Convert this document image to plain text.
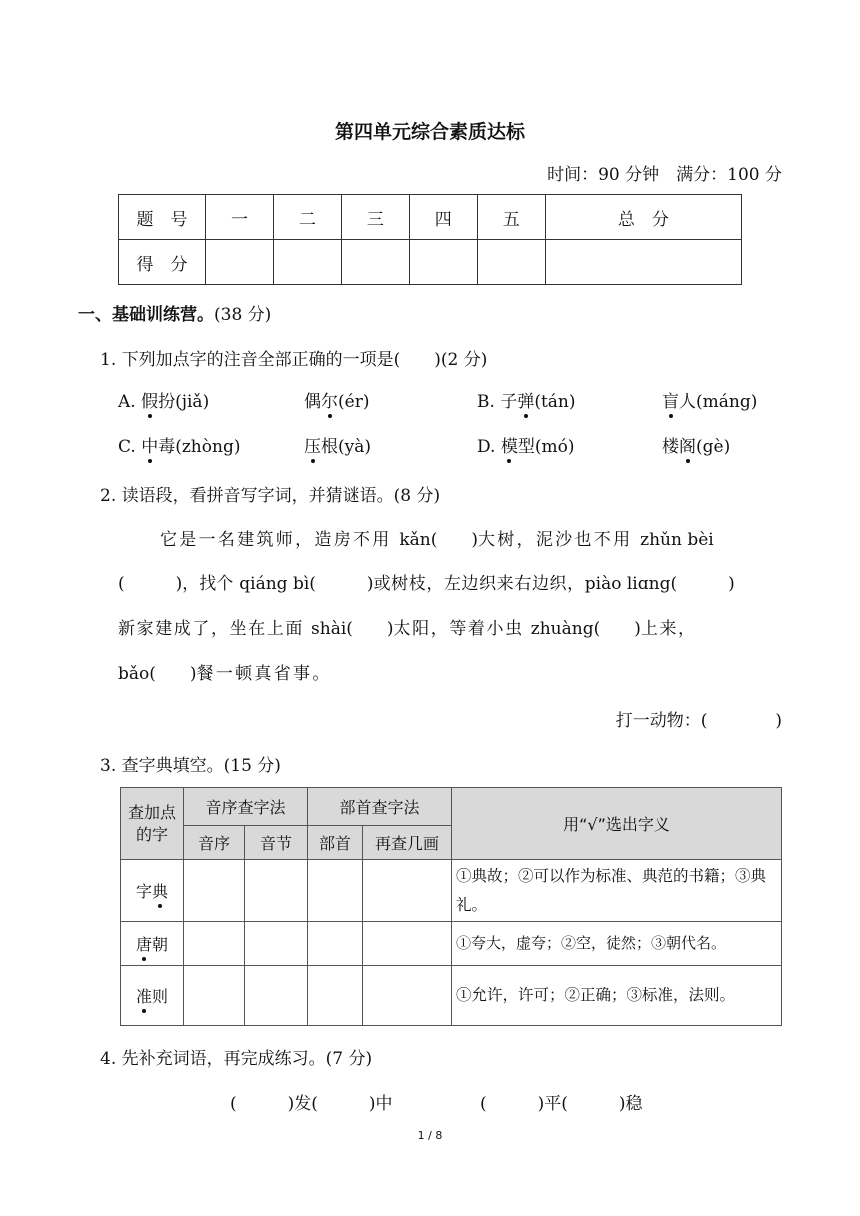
第四单元综合素质达标
时间：90 分钟　满分：100 分
题　号	一	二	三	四	五	总　分
得　分						
一、基础训练营。(38 分)
1. 下列加点字的注音全部正确的一项是(　　)(2 分)
A. 假扮(jiǎ)	偶尔(ér)	B. 子弹(tán)	盲人(máng)
C. 中毒(zhòng)	压根(yà)	D. 模型(mó)	楼阁(gè)
2. 读语段，看拼音写字词，并猜谜语。(8 分)
它是一名建筑师，造房不用 kǎn(　　)大树，泥沙也不用 zhǔn bèi
(　　　)，找个 qiáng bì(　　　)或树枝，左边织来右边织，piào liɑng(　　　)
新家建成了，坐在上面 shài(　　)太阳，等着小虫 zhuàng(　　)上来，
bǎo(　　)餐一顿真省事。
打一动物：(　　　　)
3. 查字典填空。(15 分)
查加点的字	音序查字法		部首查字法		用“√”选出字义
	音序	音节	部首	再查几画	
字典					①典故；②可以作为标准、典范的书籍；③典礼。
唐朝					①夸大，虚夸；②空，徒然；③朝代名。
准则					①允许，许可；②正确；③标准，法则。
4. 先补充词语，再完成练习。(7 分)
(　　　)发(　　　)中	(　　　)平(　　　)稳
1 / 8
